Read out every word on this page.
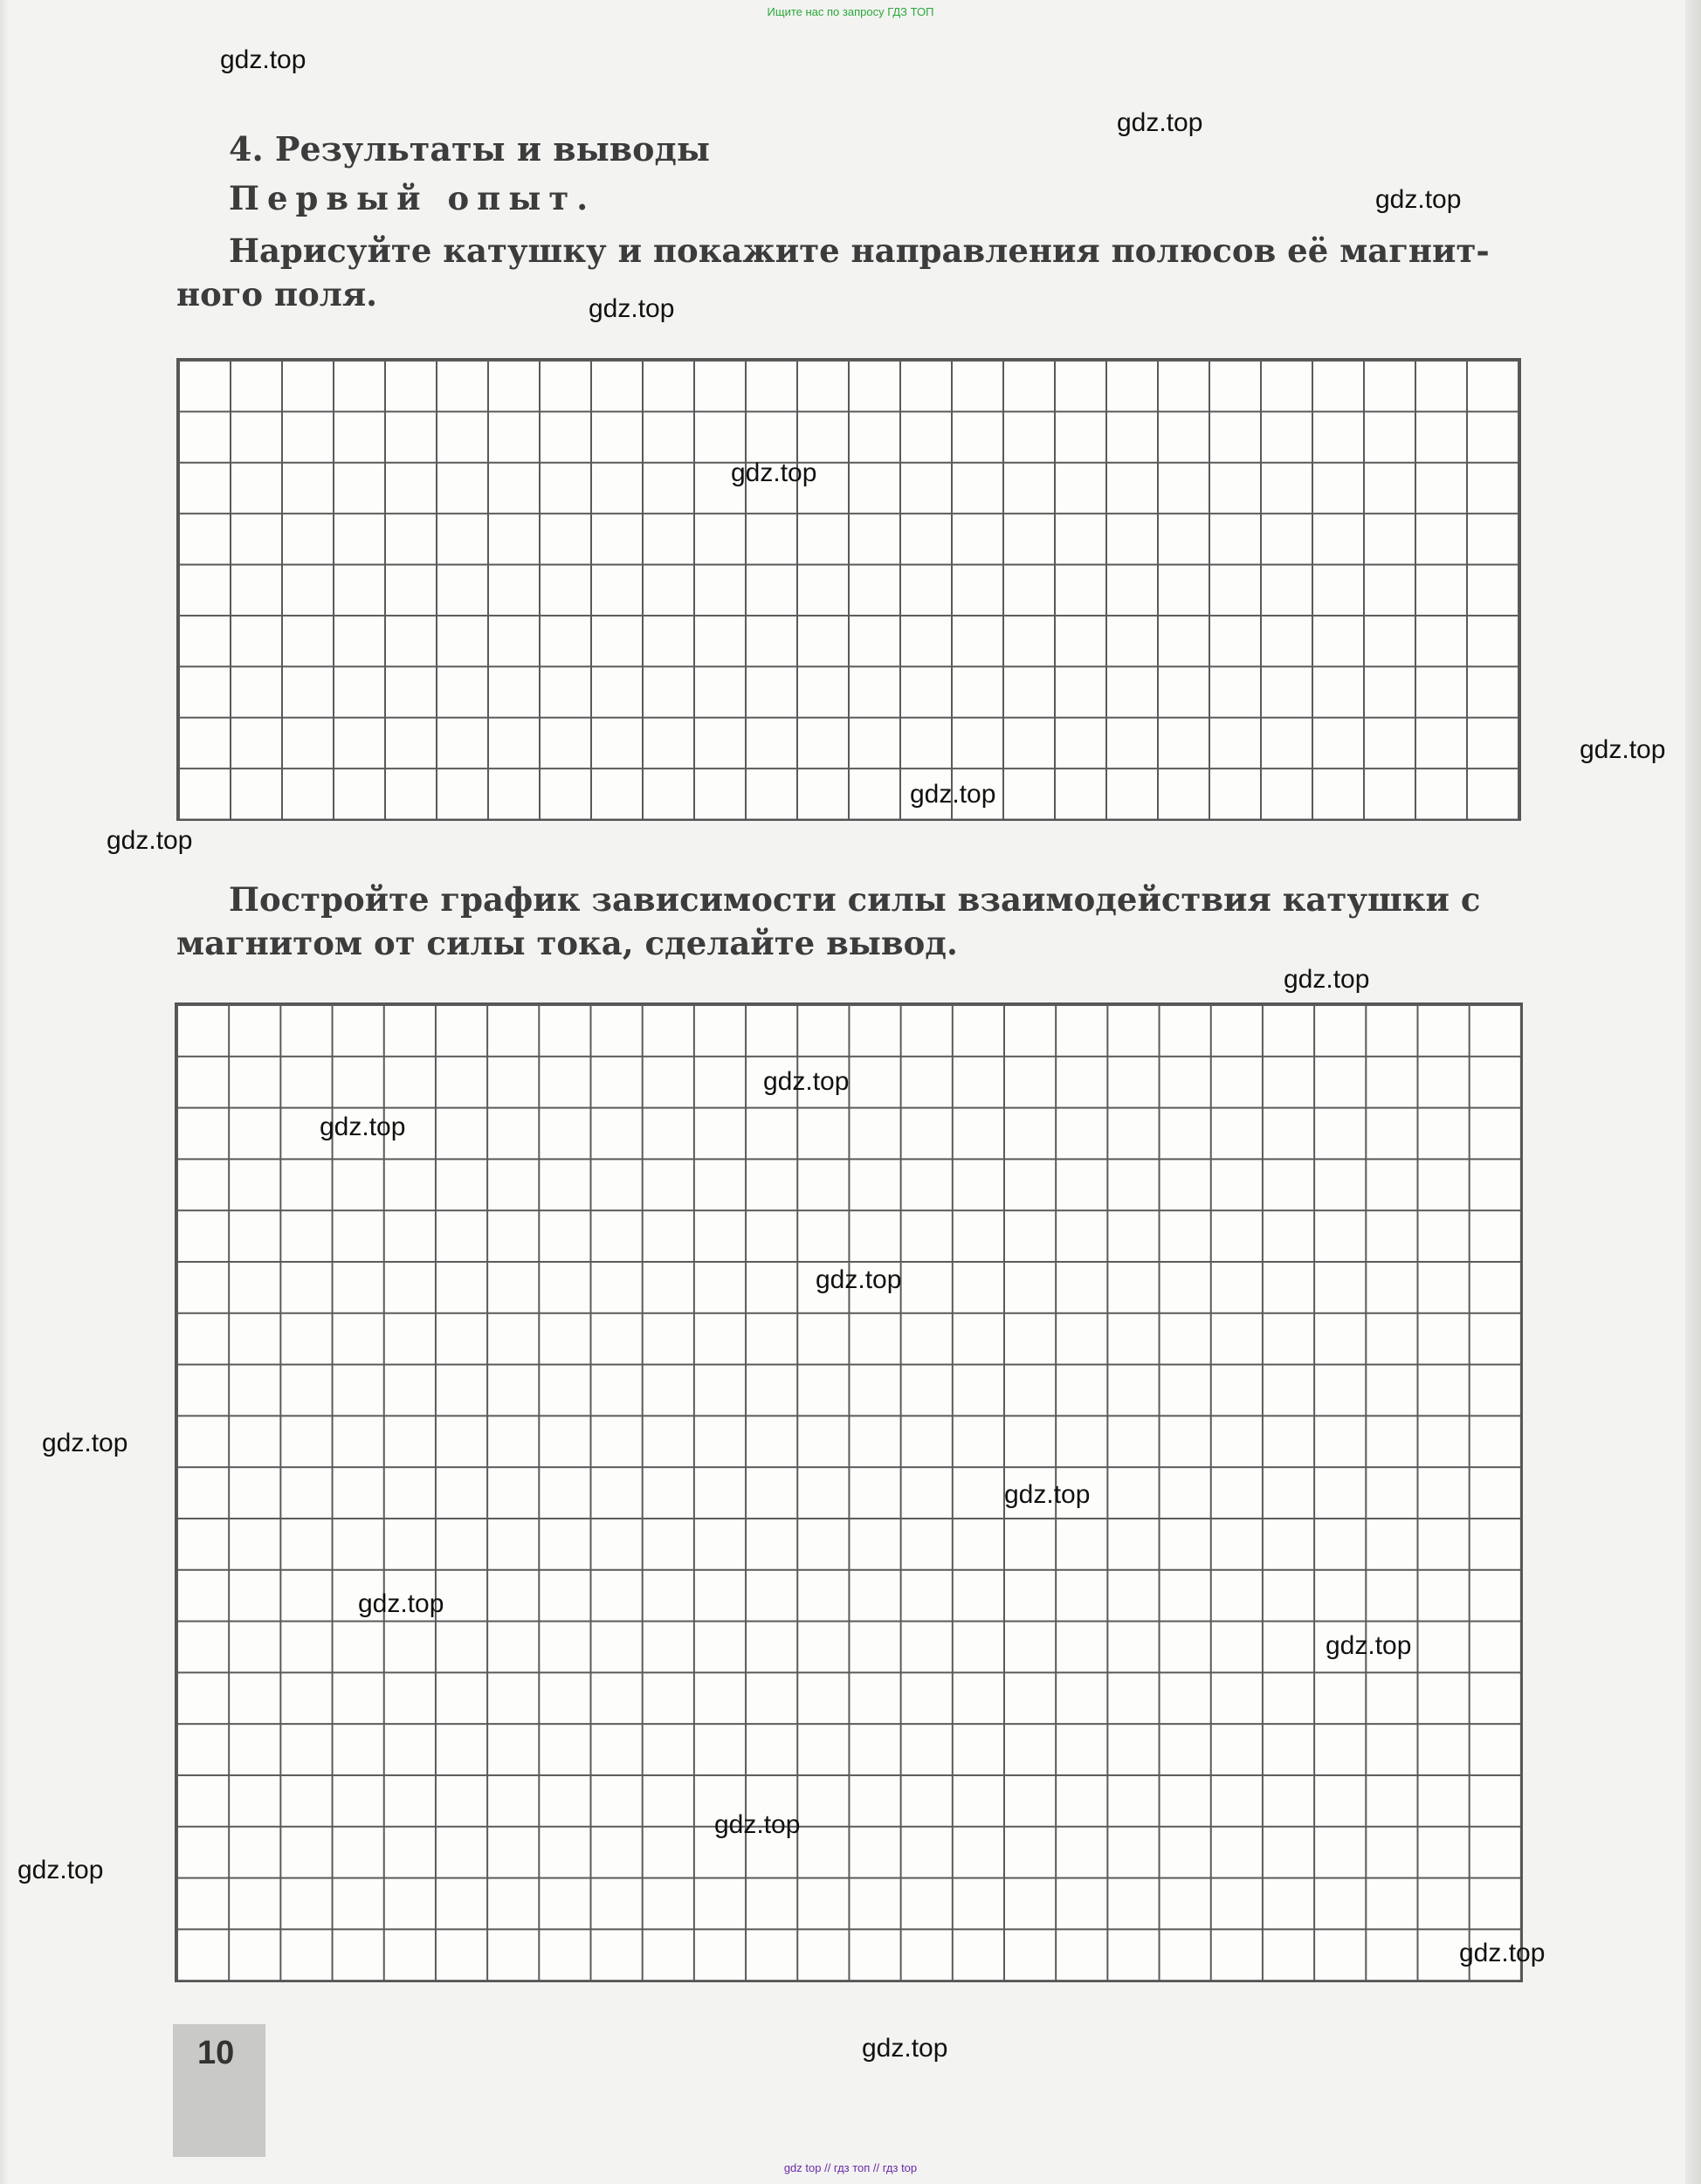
Ищите нас по запросу ГДЗ ТОП
4. Результаты и выводы
Первый опыт.

Нарисуйте катушку и покажите направления полюсов её магнит-
ного поля.

Постройте график зависимости силы взаимодействия катушки с
магнитом от силы тока, сделайте вывод.

10
gdz.top
gdz.top
gdz.top
gdz.top
gdz.top
gdz.top
gdz.top
gdz.top
gdz.top
gdz.top
gdz.top
gdz.top
gdz.top
gdz.top
gdz.top
gdz.top
gdz.top
gdz.top
gdz.top
gdz.top
gdz top // гдз топ // гдз top
